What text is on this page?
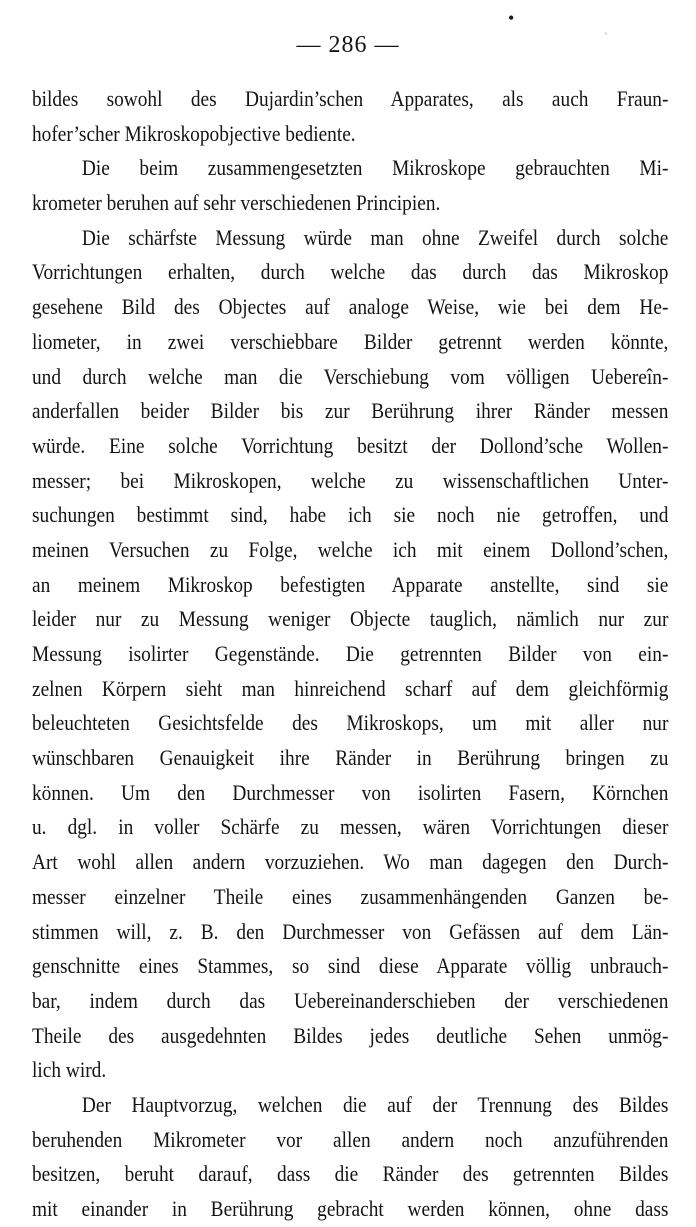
•
`
— 286 —
bildes sowohl des Dujardin’schen Apparates, als auch Fraun-
hofer’scher Mikroskopobjective bediente.
Die beim zusammengesetzten Mikroskope gebrauchten Mi-
krometer beruhen auf sehr verschiedenen Principien.
Die schärfste Messung würde man ohne Zweifel durch solche
Vorrichtungen erhalten, durch welche das durch das Mikroskop
gesehene Bild des Objectes auf analoge Weise, wie bei dem He-
liometer, in zwei verschiebbare Bilder getrennt werden könnte,
und durch welche man die Verschiebung vom völligen Uebereîn-
anderfallen beider Bilder bis zur Berührung ihrer Ränder messen
würde. Eine solche Vorrichtung besitzt der Dollond’sche Wollen-
messer; bei Mikroskopen, welche zu wissenschaftlichen Unter-
suchungen bestimmt sind, habe ich sie noch nie getroffen, und
meinen Versuchen zu Folge, welche ich mit einem Dollond’schen,
an meinem Mikroskop befestigten Apparate anstellte, sind sie
leider nur zu Messung weniger Objecte tauglich, nämlich nur zur
Messung isolirter Gegenstände. Die getrennten Bilder von ein-
zelnen Körpern sieht man hinreichend scharf auf dem gleichförmig
beleuchteten Gesichtsfelde des Mikroskops, um mit aller nur
wünschbaren Genauigkeit ihre Ränder in Berührung bringen zu
können. Um den Durchmesser von isolirten Fasern, Körnchen
u. dgl. in voller Schärfe zu messen, wären Vorrichtungen dieser
Art wohl allen andern vorzuziehen. Wo man dagegen den Durch-
messer einzelner Theile eines zusammenhängenden Ganzen be-
stimmen will, z. B. den Durchmesser von Gefässen auf dem Län-
genschnitte eines Stammes, so sind diese Apparate völlig unbrauch-
bar, indem durch das Uebereinanderschieben der verschiedenen
Theile des ausgedehnten Bildes jedes deutliche Sehen unmög-
lich wird.
Der Hauptvorzug, welchen die auf der Trennung des Bildes
beruhenden Mikrometer vor allen andern noch anzuführenden
besitzen, beruht darauf, dass die Ränder des getrennten Bildes
mit einander in Berührung gebracht werden können, ohne dass
